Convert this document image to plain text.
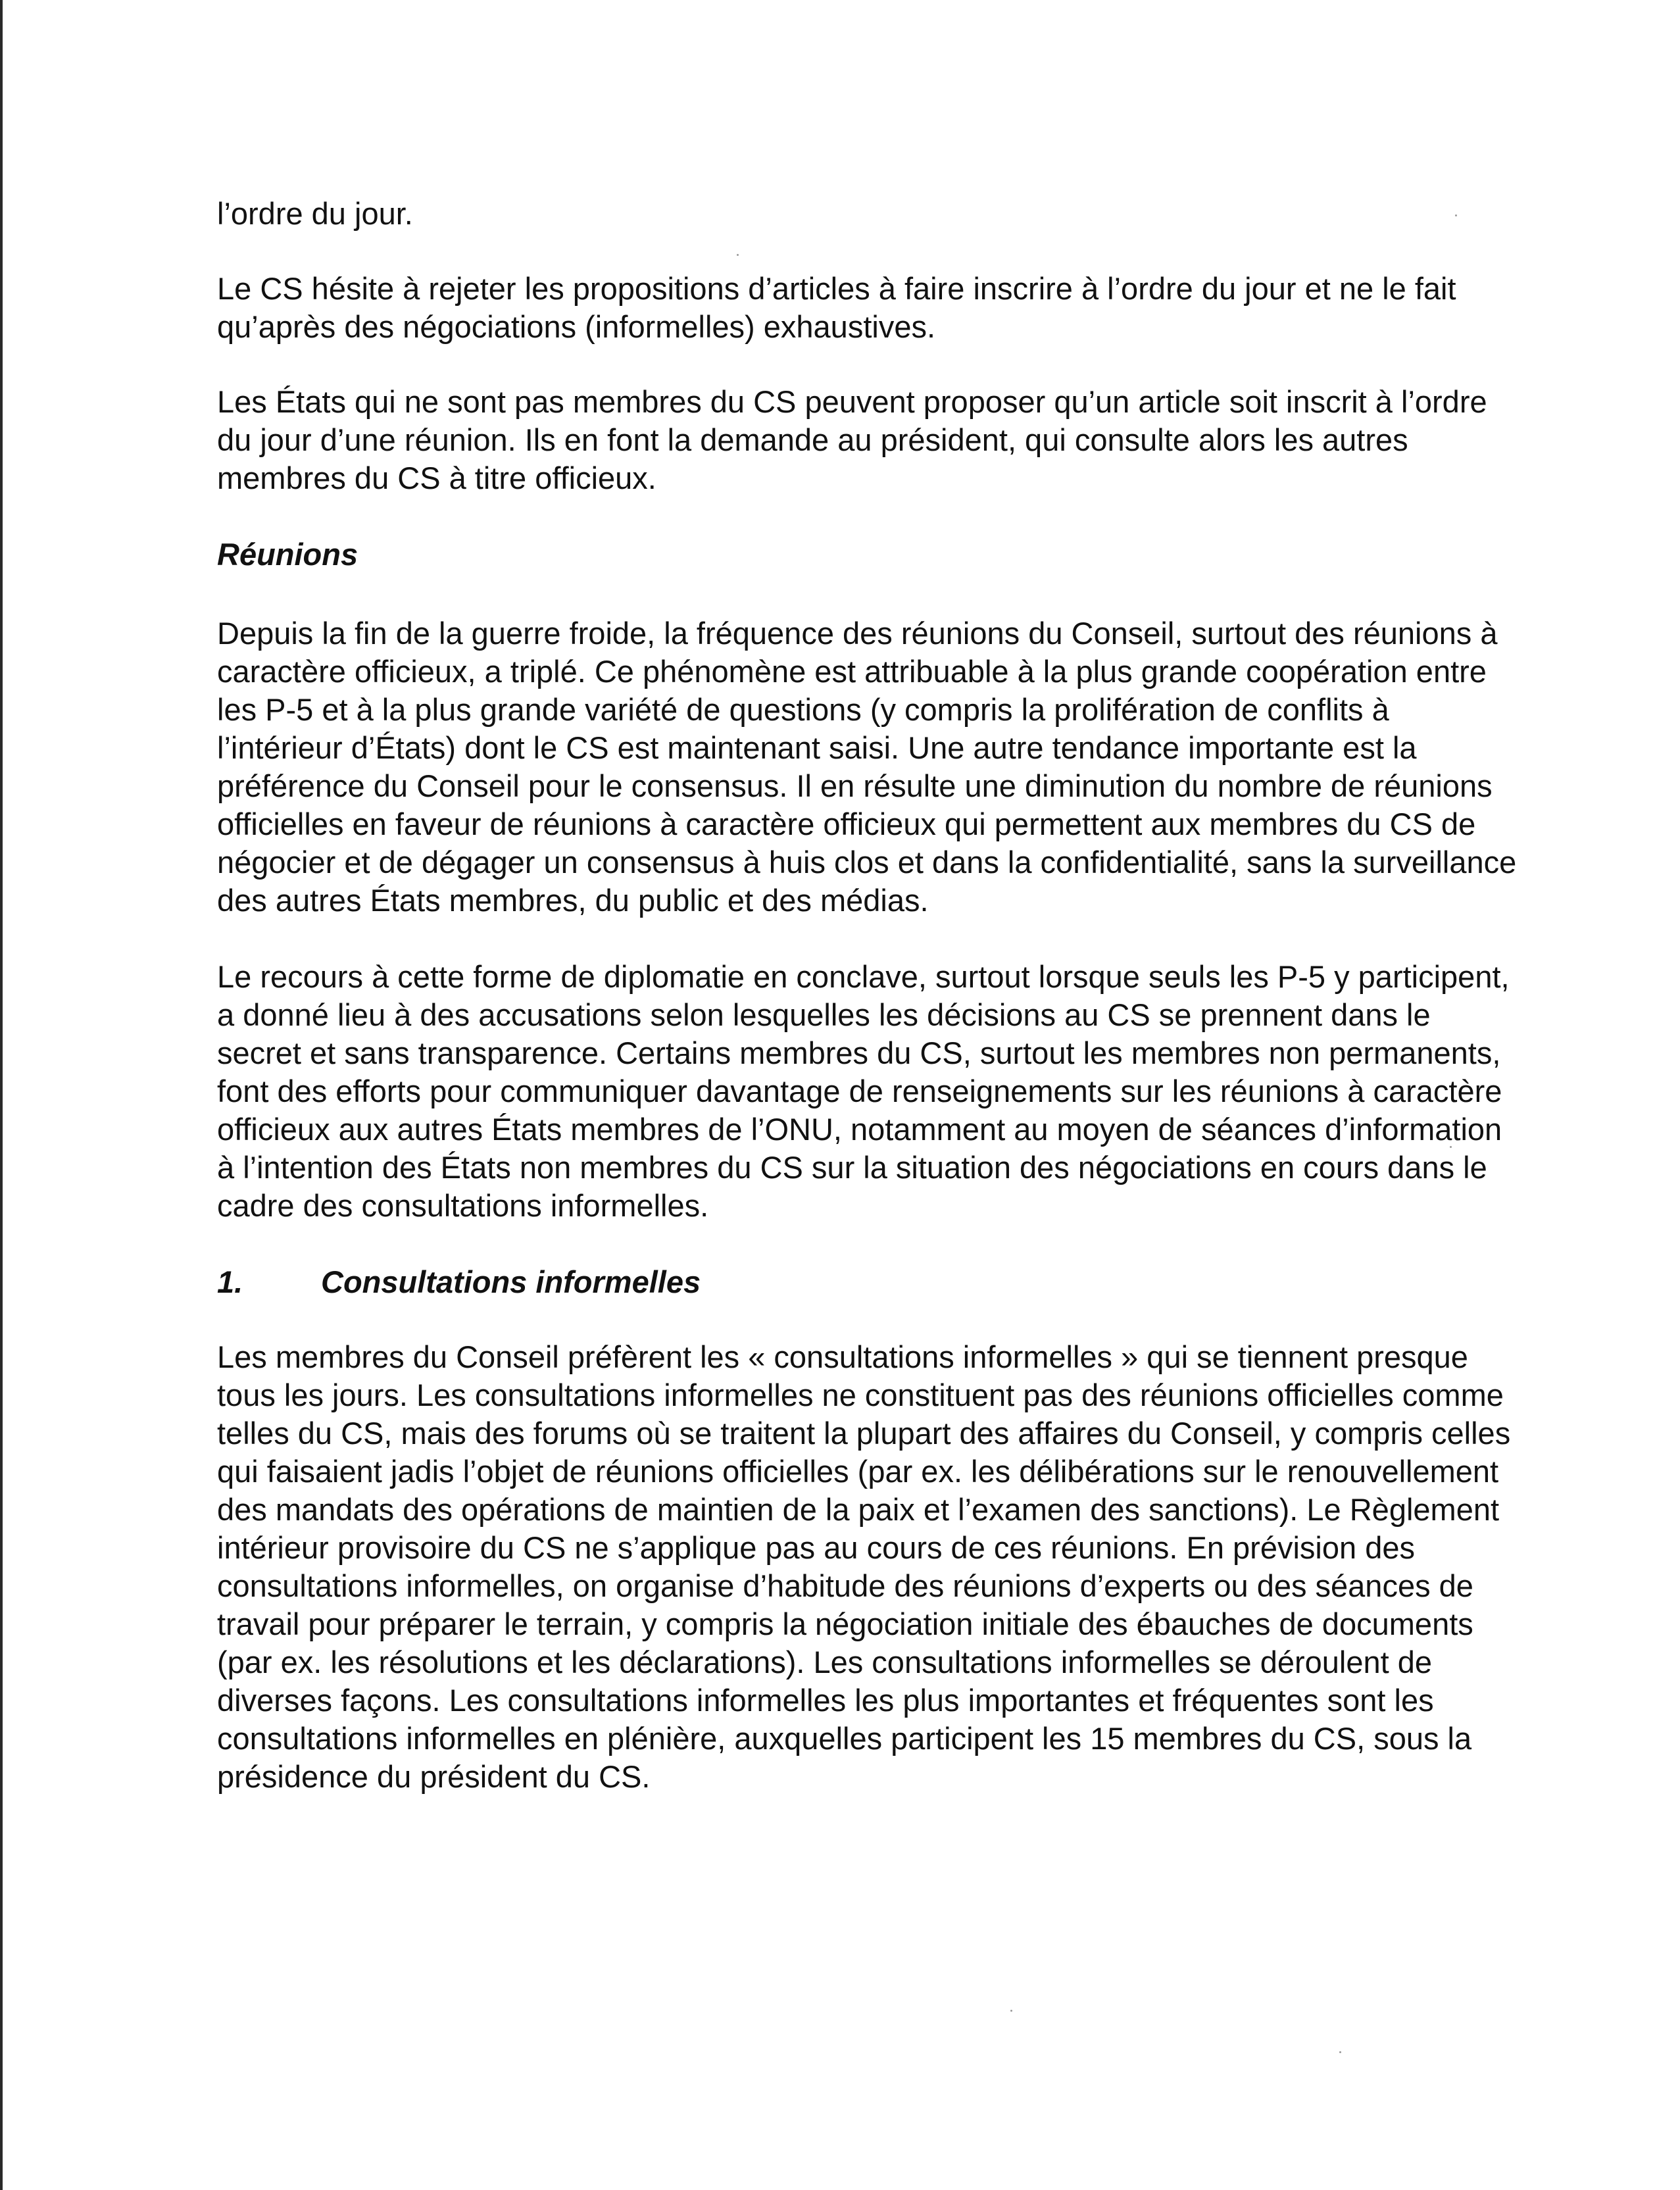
l’ordre du jour.

Le CS hésite à rejeter les propositions d’articles à faire inscrire à l’ordre du jour et ne le fait qu’après des négociations (informelles) exhaustives.

Les États qui ne sont pas membres du CS peuvent proposer qu’un article soit inscrit à l’ordre du jour d’une réunion. Ils en font la demande au président, qui consulte alors les autres membres du CS à titre officieux.

Réunions

Depuis la fin de la guerre froide, la fréquence des réunions du Conseil, surtout des réunions à caractère officieux, a triplé. Ce phénomène est attribuable à la plus grande coopération entre les P-5 et à la plus grande variété de questions (y compris la prolifération de conflits à l’intérieur d’États) dont le CS est maintenant saisi. Une autre tendance importante est la préférence du Conseil pour le consensus. Il en résulte une diminution du nombre de réunions officielles en faveur de réunions à caractère officieux qui permettent aux membres du CS de négocier et de dégager un consensus à huis clos et dans la confidentialité, sans la surveillance des autres États membres, du public et des médias.

Le recours à cette forme de diplomatie en conclave, surtout lorsque seuls les P-5 y participent, a donné lieu à des accusations selon lesquelles les décisions au CS se prennent dans le secret et sans transparence. Certains membres du CS, surtout les membres non permanents, font des efforts pour communiquer davantage de renseignements sur les réunions à caractère officieux aux autres États membres de l’ONU, notamment au moyen de séances d’information à l’intention des États non membres du CS sur la situation des négociations en cours dans le cadre des consultations informelles.

1.	Consultations informelles

Les membres du Conseil préfèrent les « consultations informelles » qui se tiennent presque tous les jours. Les consultations informelles ne constituent pas des réunions officielles comme telles du CS, mais des forums où se traitent la plupart des affaires du Conseil, y compris celles qui faisaient jadis l’objet de réunions officielles (par ex. les délibérations sur le renouvellement des mandats des opérations de maintien de la paix et l’examen des sanctions). Le Règlement intérieur provisoire du CS ne s’applique pas au cours de ces réunions. En prévision des consultations informelles, on organise d’habitude des réunions d’experts ou des séances de travail pour préparer le terrain, y compris la négociation initiale des ébauches de documents (par ex. les résolutions et les déclarations). Les consultations informelles se déroulent de diverses façons. Les consultations informelles les plus importantes et fréquentes sont les consultations informelles en plénière, auxquelles participent les 15 membres du CS, sous la présidence du président du CS.
